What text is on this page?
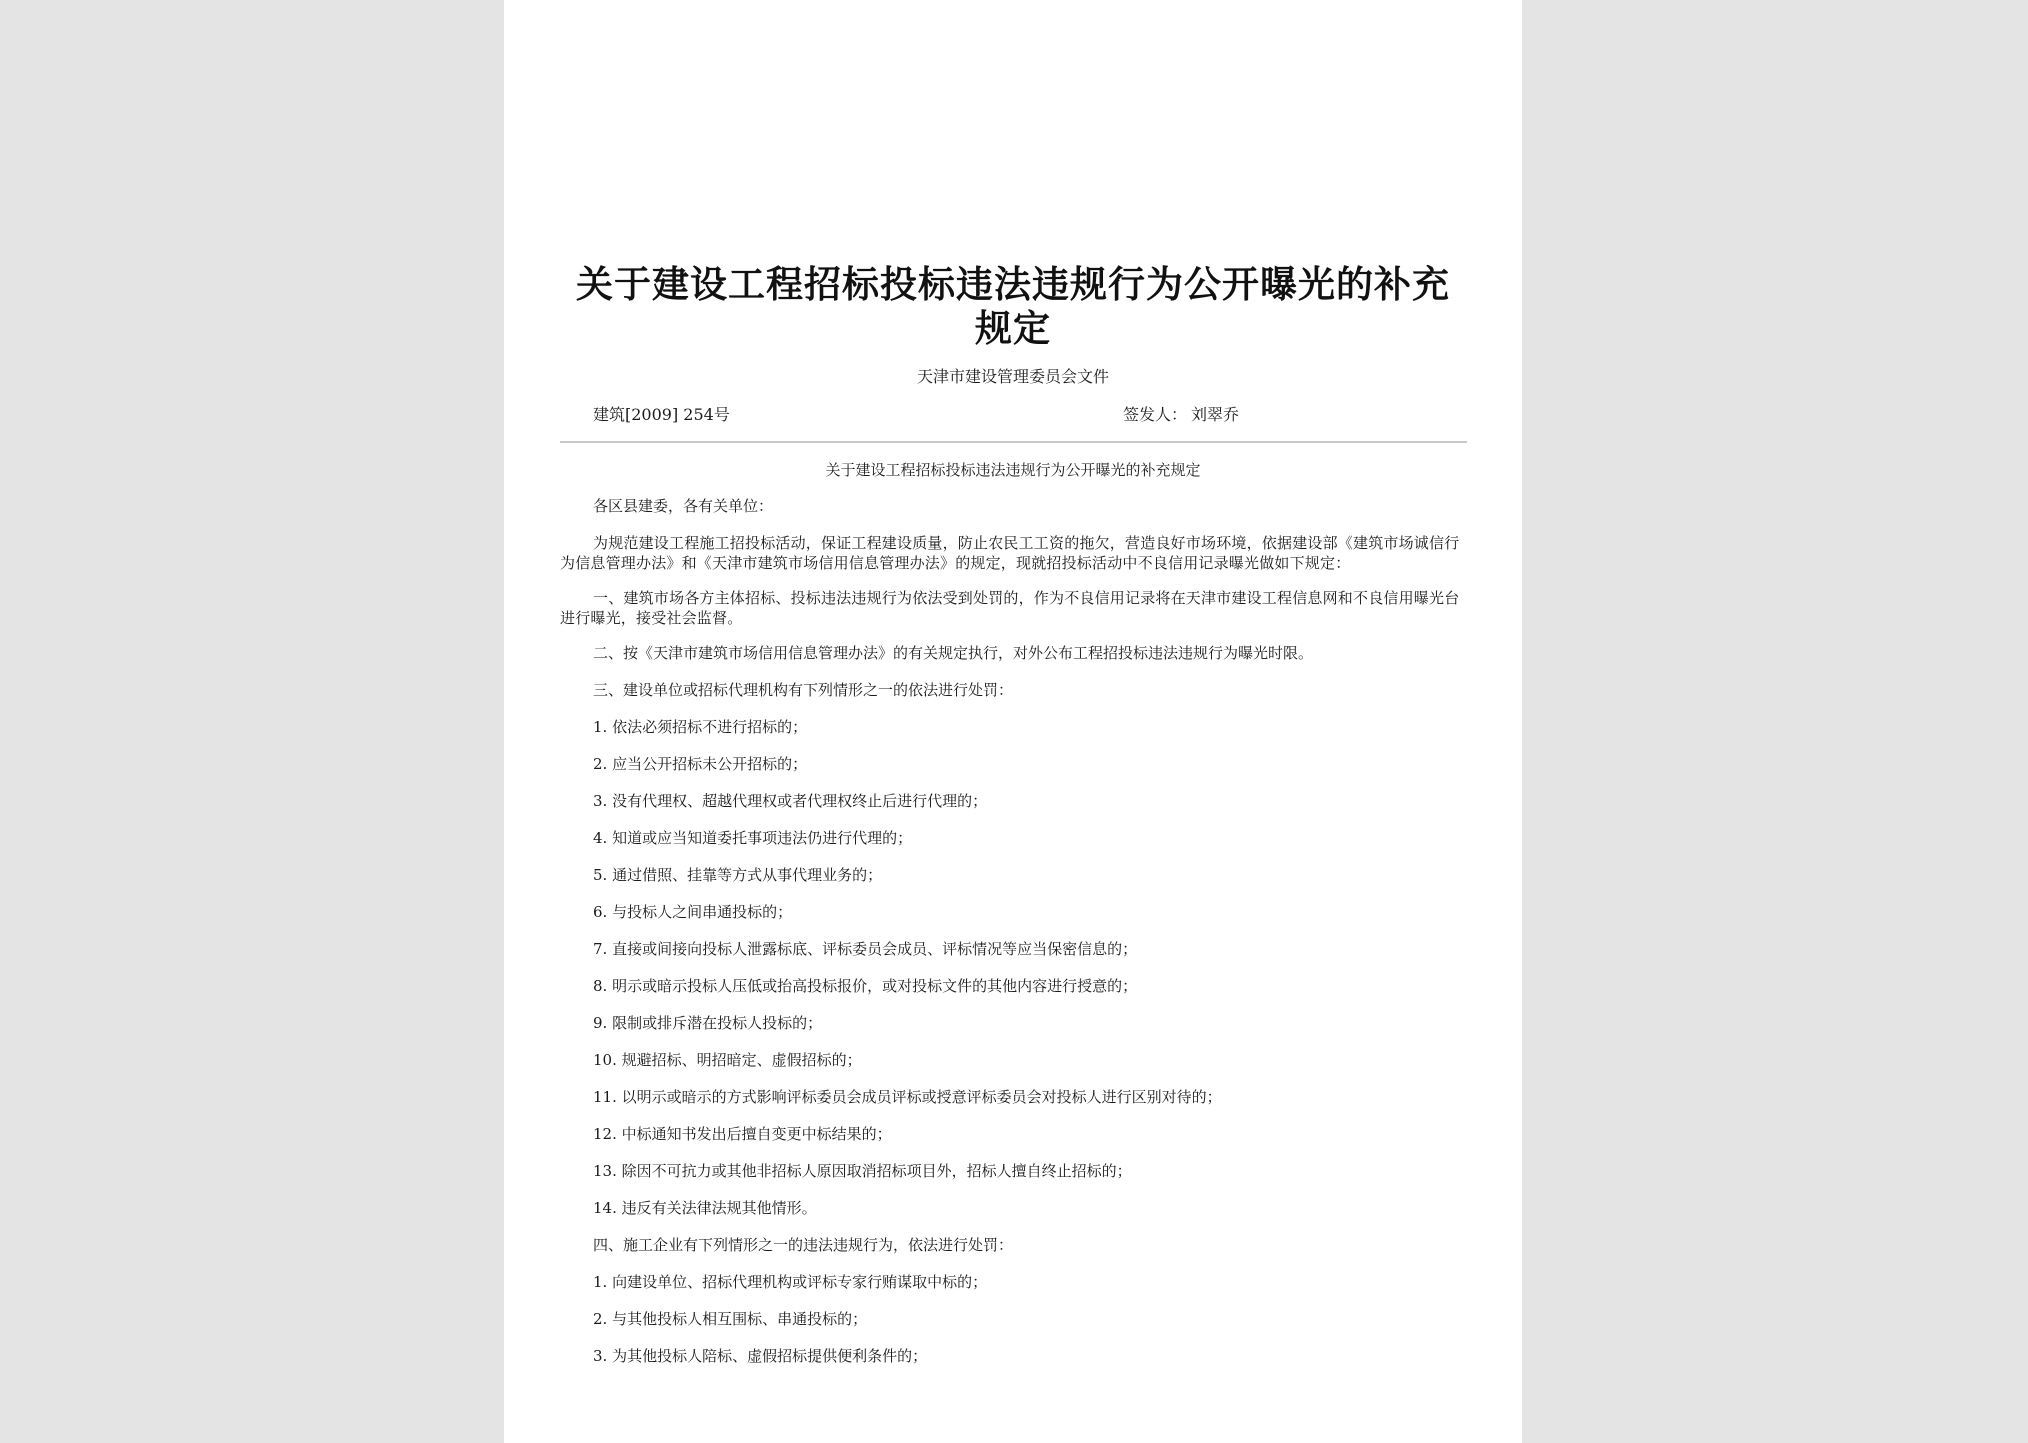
关于建设工程招标投标违法违规行为公开曝光的补充规定
天津市建设管理委员会文件
建筑[2009] 254号	签发人： 刘翠乔
关于建设工程招标投标违法违规行为公开曝光的补充规定

各区县建委，各有关单位：

为规范建设工程施工招投标活动，保证工程建设质量，防止农民工工资的拖欠，营造良好市场环境，依据建设部《建筑市场诚信行为信息管理办法》和《天津市建筑市场信用信息管理办法》的规定，现就招投标活动中不良信用记录曝光做如下规定：

一、建筑市场各方主体招标、投标违法违规行为依法受到处罚的，作为不良信用记录将在天津市建设工程信息网和不良信用曝光台进行曝光，接受社会监督。

二、按《天津市建筑市场信用信息管理办法》的有关规定执行，对外公布工程招投标违法违规行为曝光时限。

三、建设单位或招标代理机构有下列情形之一的依法进行处罚：

1. 依法必须招标不进行招标的；

2. 应当公开招标未公开招标的；

3. 没有代理权、超越代理权或者代理权终止后进行代理的；

4. 知道或应当知道委托事项违法仍进行代理的；

5. 通过借照、挂靠等方式从事代理业务的；

6. 与投标人之间串通投标的；

7. 直接或间接向投标人泄露标底、评标委员会成员、评标情况等应当保密信息的；

8. 明示或暗示投标人压低或抬高投标报价，或对投标文件的其他内容进行授意的；

9. 限制或排斥潜在投标人投标的；

10. 规避招标、明招暗定、虚假招标的；

11. 以明示或暗示的方式影响评标委员会成员评标或授意评标委员会对投标人进行区别对待的；

12. 中标通知书发出后擅自变更中标结果的；

13. 除因不可抗力或其他非招标人原因取消招标项目外，招标人擅自终止招标的；

14. 违反有关法律法规其他情形。

四、施工企业有下列情形之一的违法违规行为，依法进行处罚：

1. 向建设单位、招标代理机构或评标专家行贿谋取中标的；

2. 与其他投标人相互围标、串通投标的；

3. 为其他投标人陪标、虚假招标提供便利条件的；
